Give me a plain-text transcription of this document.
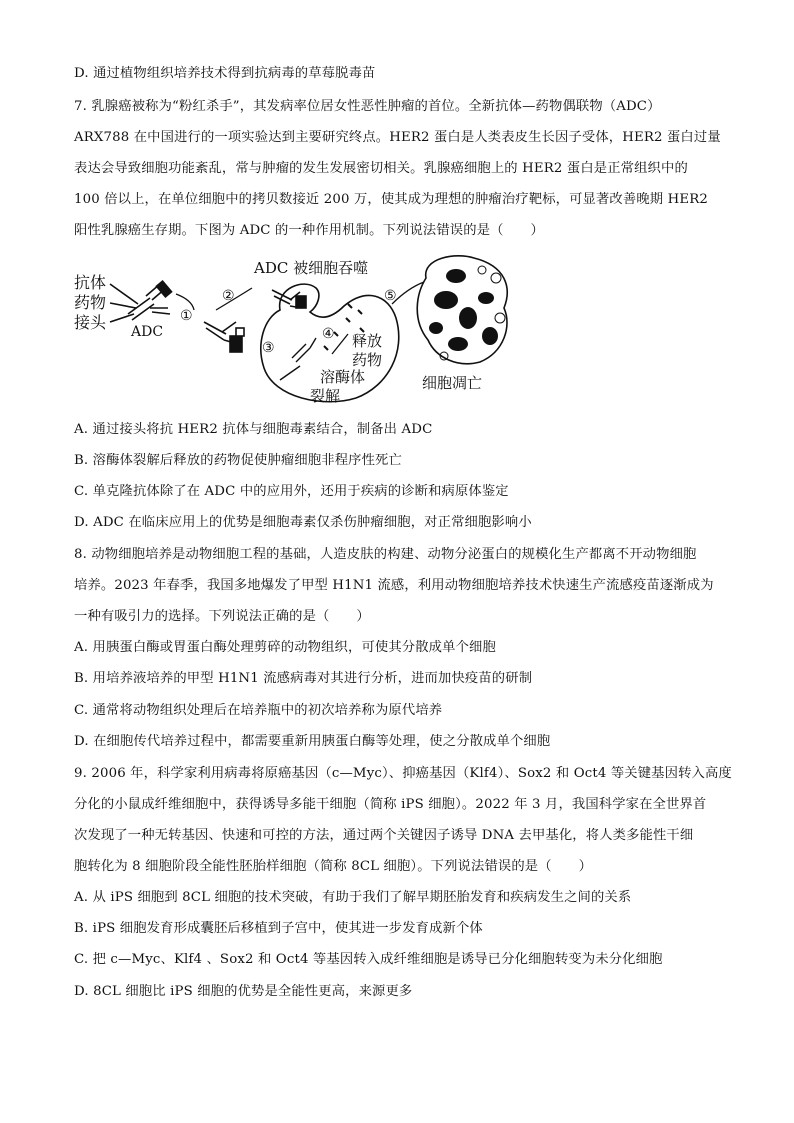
D. 通过植物组织培养技术得到抗病毒的草莓脱毒苗
7. 乳腺癌被称为“粉红杀手”，其发病率位居女性恶性肿瘤的首位。全新抗体—药物偶联物（ADC）
ARX788 在中国进行的一项实验达到主要研究终点。HER2 蛋白是人类表皮生长因子受体，HER2 蛋白过量
表达会导致细胞功能紊乱，常与肿瘤的发生发展密切相关。乳腺癌细胞上的 HER2 蛋白是正常组织中的
100 倍以上，在单位细胞中的拷贝数接近 200 万，使其成为理想的肿瘤治疗靶标，可显著改善晚期 HER2
阳性乳腺癌生存期。下图为 ADC 的一种作用机制。下列说法错误的是（　　）
抗体
药物
接头 ADC
①
②
ADC 被细胞吞噬
③
④ 释放
药物
溶酶体
裂解
⑤
细胞凋亡
A. 通过接头将抗 HER2 抗体与细胞毒素结合，制备出 ADC
B. 溶酶体裂解后释放的药物促使肿瘤细胞非程序性死亡
C. 单克隆抗体除了在 ADC 中的应用外，还用于疾病的诊断和病原体鉴定
D. ADC 在临床应用上的优势是细胞毒素仅杀伤肿瘤细胞，对正常细胞影响小
8. 动物细胞培养是动物细胞工程的基础，人造皮肤的构建、动物分泌蛋白的规模化生产都离不开动物细胞
培养。2023 年春季，我国多地爆发了甲型 H1N1 流感，利用动物细胞培养技术快速生产流感疫苗逐渐成为
一种有吸引力的选择。下列说法正确的是（　　）
A. 用胰蛋白酶或胃蛋白酶处理剪碎的动物组织，可使其分散成单个细胞
B. 用培养液培养的甲型 H1N1 流感病毒对其进行分析，进而加快疫苗的研制
C. 通常将动物组织处理后在培养瓶中的初次培养称为原代培养
D. 在细胞传代培养过程中，都需要重新用胰蛋白酶等处理，使之分散成单个细胞
9. 2006 年，科学家利用病毒将原癌基因（c—Myc）、抑癌基因（Klf4）、Sox2 和 Oct4 等关键基因转入高度
分化的小鼠成纤维细胞中，获得诱导多能干细胞（简称 iPS 细胞）。2022 年 3 月，我国科学家在全世界首
次发现了一种无转基因、快速和可控的方法，通过两个关键因子诱导 DNA 去甲基化，将人类多能性干细
胞转化为 8 细胞阶段全能性胚胎样细胞（简称 8CL 细胞）。下列说法错误的是（　　）
A. 从 iPS 细胞到 8CL 细胞的技术突破，有助于我们了解早期胚胎发育和疾病发生之间的关系
B. iPS 细胞发育形成囊胚后移植到子宫中，使其进一步发育成新个体
C. 把 c—Myc、Klf4 、Sox2 和 Oct4 等基因转入成纤维细胞是诱导已分化细胞转变为未分化细胞
D. 8CL 细胞比 iPS 细胞的优势是全能性更高，来源更多
